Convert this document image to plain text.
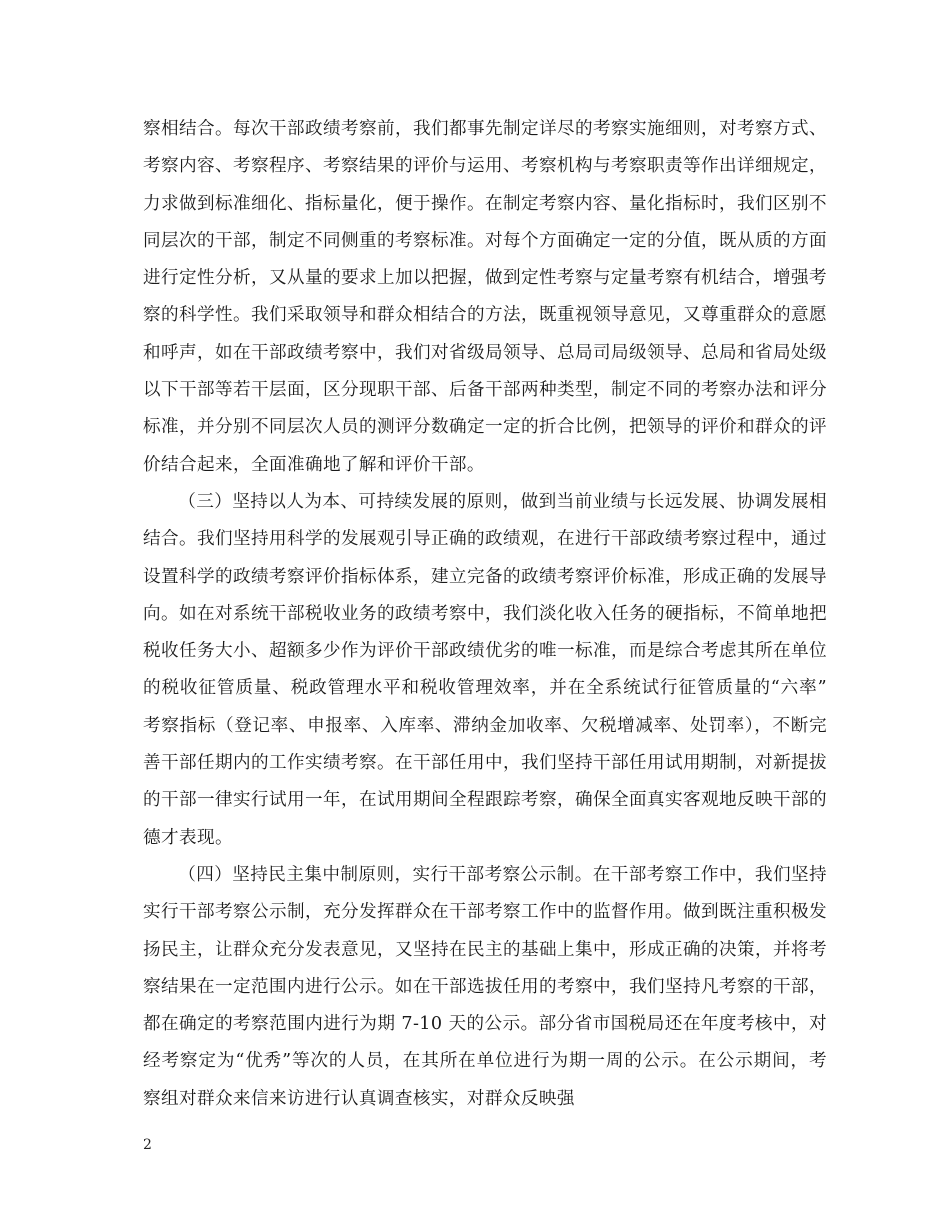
察相结合。每次干部政绩考察前，我们都事先制定详尽的考察实施细则，对考察方式、考察内容、考察程序、考察结果的评价与运用、考察机构与考察职责等作出详细规定，力求做到标准细化、指标量化，便于操作。在制定考察内容、量化指标时，我们区别不同层次的干部，制定不同侧重的考察标准。对每个方面确定一定的分值，既从质的方面进行定性分析，又从量的要求上加以把握，做到定性考察与定量考察有机结合，增强考察的科学性。我们采取领导和群众相结合的方法，既重视领导意见，又尊重群众的意愿和呼声，如在干部政绩考察中，我们对省级局领导、总局司局级领导、总局和省局处级以下干部等若干层面，区分现职干部、后备干部两种类型，制定不同的考察办法和评分标准，并分别不同层次人员的测评分数确定一定的折合比例，把领导的评价和群众的评价结合起来，全面准确地了解和评价干部。

（三）坚持以人为本、可持续发展的原则，做到当前业绩与长远发展、协调发展相结合。我们坚持用科学的发展观引导正确的政绩观，在进行干部政绩考察过程中，通过设置科学的政绩考察评价指标体系，建立完备的政绩考察评价标准，形成正确的发展导向。如在对系统干部税收业务的政绩考察中，我们淡化收入任务的硬指标，不简单地把税收任务大小、超额多少作为评价干部政绩优劣的唯一标准，而是综合考虑其所在单位的税收征管质量、税政管理水平和税收管理效率，并在全系统试行征管质量的“六率” 考察指标（登记率、申报率、入库率、滞纳金加收率、欠税增减率、处罚率），不断完善干部任期内的工作实绩考察。在干部任用中，我们坚持干部任用试用期制，对新提拔的干部一律实行试用一年，在试用期间全程跟踪考察，确保全面真实客观地反映干部的德才表现。

（四）坚持民主集中制原则，实行干部考察公示制。在干部考察工作中，我们坚持实行干部考察公示制，充分发挥群众在干部考察工作中的监督作用。做到既注重积极发扬民主，让群众充分发表意见，又坚持在民主的基础上集中，形成正确的决策，并将考察结果在一定范围内进行公示。如在干部选拔任用的考察中，我们坚持凡考察的干部，都在确定的考察范围内进行为期 7-10 天的公示。部分省市国税局还在年度考核中，对经考察定为“优秀”等次的人员，在其所在单位进行为期一周的公示。在公示期间，考察组对群众来信来访进行认真调查核实，对群众反映强

2
